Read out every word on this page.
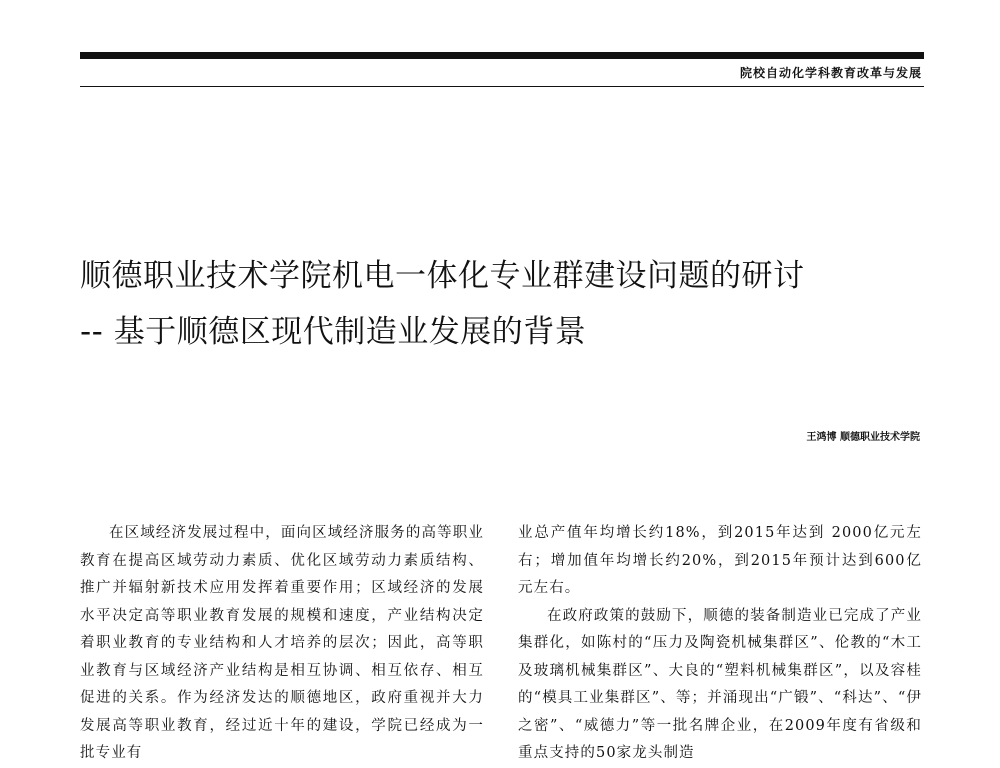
院校自动化学科教育改革与发展
顺德职业技术学院机电一体化专业群建设问题的研讨
-- 基于顺德区现代制造业发展的背景
王鸿博 顺德职业技术学院

在区域经济发展过程中，面向区域经济服务的高等职业教育在提高区域劳动力素质、优化区域劳动力素质结构、推广并辐射新技术应用发挥着重要作用；区域经济的发展水平决定高等职业教育发展的规模和速度，产业结构决定着职业教育的专业结构和人才培养的层次；因此，高等职业教育与区域经济产业结构是相互协调、相互依存、相互促进的关系。作为经济发达的顺德地区，政府重视并大力发展高等职业教育，经过近十年的建设，学院已经成为一批专业有

业总产值年均增长约18%，到2015年达到 2000亿元左右；增加值年均增长约20%，到2015年预计达到600亿元左右。

在政府政策的鼓励下，顺德的装备制造业已完成了产业集群化，如陈村的“压力及陶瓷机械集群区”、伦教的“木工及玻璃机械集群区”、大良的“塑料机械集群区”，以及容桂的“模具工业集群区”、等；并涌现出“广锻”、“科达”、“伊之密”、“威德力”等一批名牌企业，在2009年度有省级和重点支持的50家龙头制造
